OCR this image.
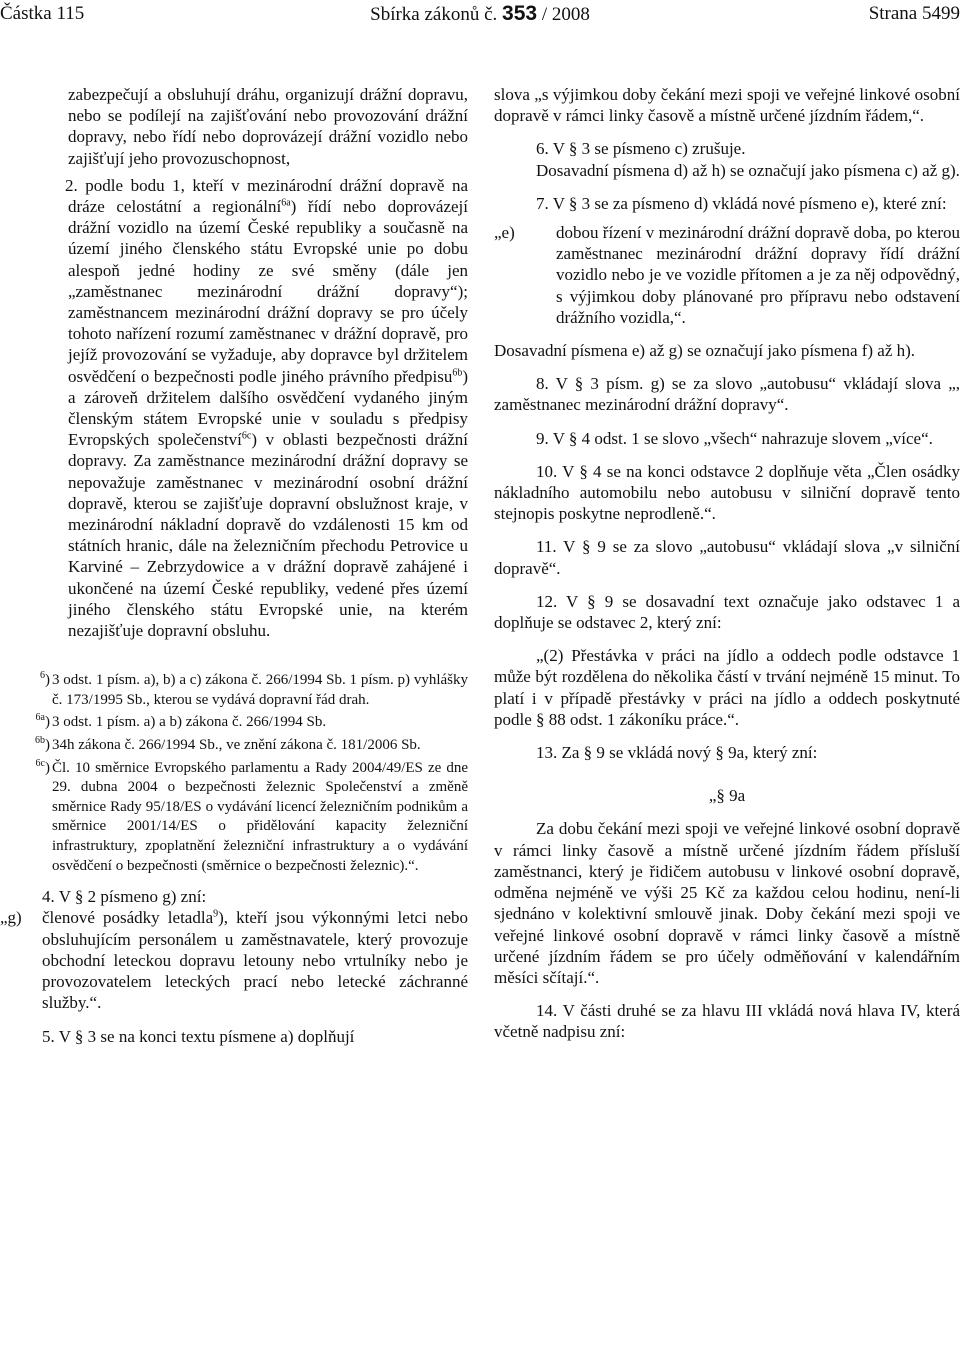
Částka 115	Sbírka zákonů č. 353 / 2008	Strana 5499

zabezpečují a obsluhují dráhu, organizují drážní dopravu, nebo se podílejí na zajišťování nebo provozování drážní dopravy, nebo řídí nebo doprovázejí drážní vozidlo nebo zajišťují jeho provozuschopnost,

2. podle bodu 1, kteří v mezinárodní drážní dopravě na dráze celostátní a regionální$^{6a}$) řídí nebo doprovázejí drážní vozidlo na území České republiky a současně na území jiného členského státu Evropské unie po dobu alespoň jedné hodiny ze své směny (dále jen „zaměstnanec mezinárodní drážní dopravy“); zaměstnancem mezinárodní drážní dopravy se pro účely tohoto nařízení rozumí zaměstnanec v drážní dopravě, pro jejíž provozování se vyžaduje, aby dopravce byl držitelem osvědčení o bezpečnosti podle jiného právního předpisu$^{6b}$) a zároveň držitelem dalšího osvědčení vydaného jiným členským státem Evropské unie v souladu s předpisy Evropských společenství$^{6c}$) v oblasti bezpečnosti drážní dopravy. Za zaměstnance mezinárodní drážní dopravy se nepovažuje zaměstnanec v mezinárodní osobní drážní dopravě, kterou se zajišťuje dopravní obslužnost kraje, v mezinárodní nákladní dopravě do vzdálenosti 15 km od státních hranic, dále na železničním přechodu Petrovice u Karviné – Zebrzydowice a v drážní dopravě zahájené i ukončené na území České republiky, vedené přes území jiného členského státu Evropské unie, na kterém nezajišťuje dopravní obsluhu.

$^6$) 3 odst. 1 písm. a), b) a c) zákona č. 266/1994 Sb. 1 písm. p) vyhlášky č. 173/1995 Sb., kterou se vydává dopravní řád drah.
$^{6a}$) 3 odst. 1 písm. a) a b) zákona č. 266/1994 Sb.
$^{6b}$) 34h zákona č. 266/1994 Sb., ve znění zákona č. 181/2006 Sb.
$^{6c}$) Čl. 10 směrnice Evropského parlamentu a Rady 2004/49/ES ze dne 29. dubna 2004 o bezpečnosti železnic Společenství a změně směrnice Rady 95/18/ES o vydávání licencí železničním podnikům a směrnice 2001/14/ES o přidělování kapacity železniční infrastruktury, zpoplatnění železniční infrastruktury a o vydávání osvědčení o bezpečnosti (směrnice o bezpečnosti železnic).“.

4. V § 2 písmeno g) zní:

„g) členové posádky letadla$^9$), kteří jsou výkonnými letci nebo obsluhujícím personálem u zaměstnavatele, který provozuje obchodní leteckou dopravu letouny nebo vrtulníky nebo je provozovatelem leteckých prací nebo letecké záchranné služby.“.

5. V § 3 se na konci textu písmene a) doplňují

slova „s výjimkou doby čekání mezi spoji ve veřejné linkové osobní dopravě v rámci linky časově a místně určené jízdním řádem,“.

6. V § 3 se písmeno c) zrušuje.

Dosavadní písmena d) až h) se označují jako písmena c) až g).

7. V § 3 se za písmeno d) vkládá nové písmeno e), které zní:

„e)	dobou řízení v mezinárodní drážní dopravě doba, po kterou zaměstnanec mezinárodní drážní dopravy řídí drážní vozidlo nebo je ve vozidle přítomen a je za něj odpovědný, s výjimkou doby plánované pro přípravu nebo odstavení drážního vozidla,“.

Dosavadní písmena e) až g) se označují jako písmena f) až h).

8. V § 3 písm. g) se za slovo „autobusu“ vkládají slova „, zaměstnanec mezinárodní drážní dopravy“.

9. V § 4 odst. 1 se slovo „všech“ nahrazuje slovem „více“.

10. V § 4 se na konci odstavce 2 doplňuje věta „Člen osádky nákladního automobilu nebo autobusu v silniční dopravě tento stejnopis poskytne neprodleně.“.

11. V § 9 se za slovo „autobusu“ vkládají slova „v silniční dopravě“.

12. V § 9 se dosavadní text označuje jako odstavec 1 a doplňuje se odstavec 2, který zní:

„(2) Přestávka v práci na jídlo a oddech podle odstavce 1 může být rozdělena do několika částí v trvání nejméně 15 minut. To platí i v případě přestávky v práci na jídlo a oddech poskytnuté podle § 88 odst. 1 zákoníku práce.“.

13. Za § 9 se vkládá nový § 9a, který zní:

„§ 9a

Za dobu čekání mezi spoji ve veřejné linkové osobní dopravě v rámci linky časově a místně určené jízdním řádem přísluší zaměstnanci, který je řidičem autobusu v linkové osobní dopravě, odměna nejméně ve výši 25 Kč za každou celou hodinu, není-li sjednáno v kolektivní smlouvě jinak. Doby čekání mezi spoji ve veřejné linkové osobní dopravě v rámci linky časově a místně určené jízdním řádem se pro účely odměňování v kalendářním měsíci sčítají.“.

14. V části druhé se za hlavu III vkládá nová hlava IV, která včetně nadpisu zní:
